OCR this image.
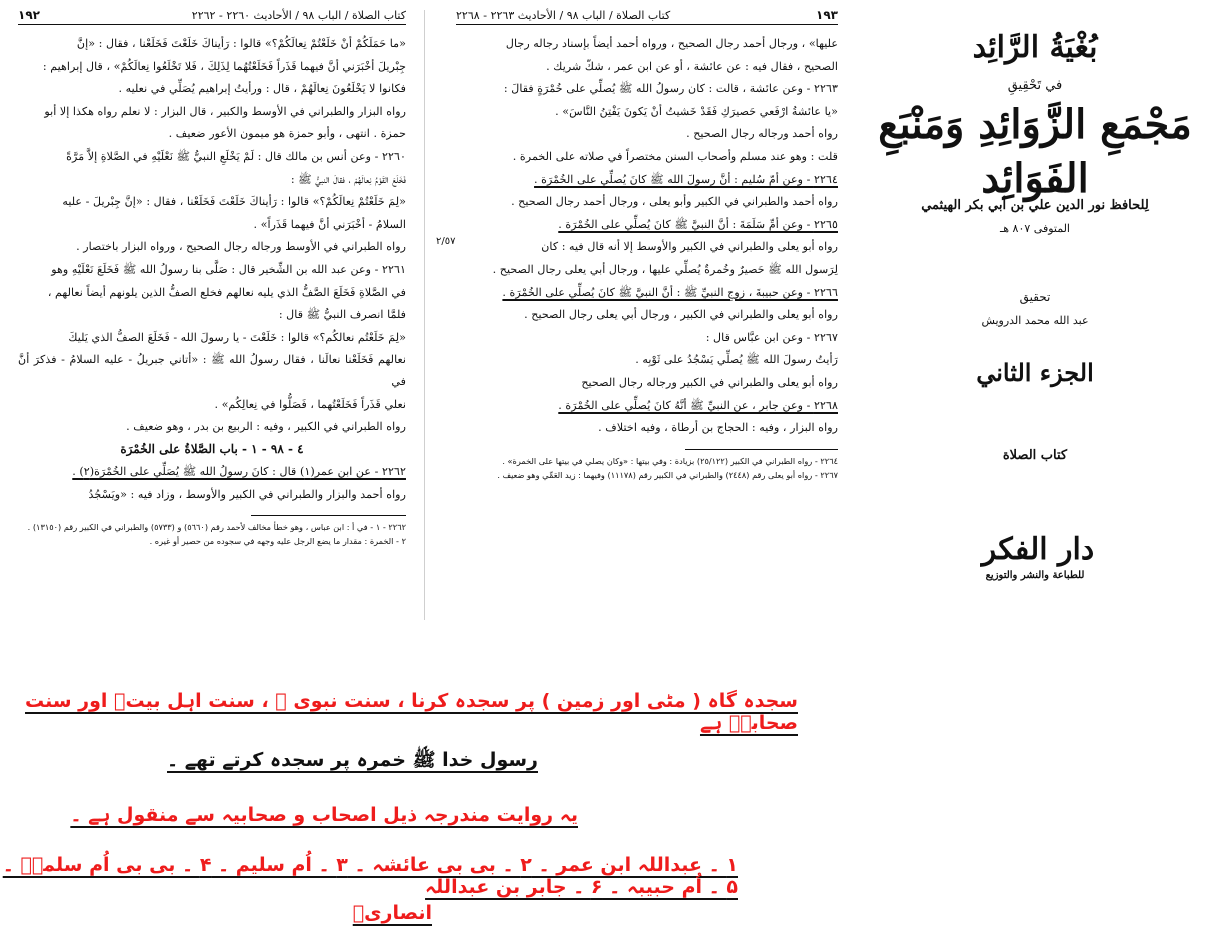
١٩٣
كتاب الصلاة / الباب ٩٨ / الأحاديث ٢٢٦٣ - ٢٢٦٨

عليها» ، ورجال أحمد رجال الصحيح ، ورواه أحمد أيضاً بإسناد رجاله رجال

الصحيح ، فقال فيه : عن عائشة ، أو عن ابن عمر ، شكّ شريك .

٢٢٦٣ - وعن عائشة ، قالت : كان رسولُ الله ﷺ يُصلِّي على خُمْرَةٍ فقالَ :

«يا عائشةُ ارْفَعي حَصيرَكِ فَقَدْ خَشيتُ أنْ يَكونَ يَفْتِنُ النَّاسَ» .

رواه أحمد ورجاله رجال الصحيح .

قلت : وهو عند مسلم وأصحاب السنن مختصراً في صلاته على الخمرة .

٢٢٦٤ - وعن أمّ سُليم : أنَّ رسولَ الله ﷺ كانَ يُصلِّي على الخُمْرَة .

رواه أحمد والطبراني في الكبير وأبو يعلى ، ورجال أحمد رجال الصحيح .

٢٢٦٥ - وعن أمِّ سَلَمَةَ : أنَّ النبيَّ ﷺ كانَ يُصلِّي على الخُمْرَة .

رواه أبو يعلى والطبراني في الكبير والأوسط إلا أنه قال فيه : كان

لِرَسول الله ﷺ حَصيرٌ وخُمرةٌ يُصلِّي عليها ، ورجال أبي يعلى رجال الصحيح .

٢٢٦٦ - وعن حبيبةَ ، زوجِ النبيِّ ﷺ : أنَّ النبيَّ ﷺ كانَ يُصلِّي على الخُمْرَة .

رواه أبو يعلى والطبراني في الكبير ، ورجال أبي يعلى رجال الصحيح .

٢٢٦٧ - وعن ابن عبَّاس قال :

رَأيتُ رسولَ الله ﷺ يُصلِّي يَسْجُدُ على ثَوْبِه .

رواه أبو يعلى والطبراني في الكبير ورجاله رجال الصحيح

٢٢٦٨ - وعن جابر ، عن النبيِّ ﷺ أنَّهُ كانَ يُصلِّي على الخُمْرَة .

رواه البزار ، وفيه : الحجاج بن أرطاة ، وفيه اختلاف .

٢٢٦٤ - رواه الطبراني في الكبير (٢٥/١٢٢) بزيادة : وفي بيتها : «وكان يصلي في بيتها على الخمرة» .
٢٢٦٧ - رواه أبو يعلى رقم (٢٤٤٨) والطبراني في الكبير رقم (١١١٧٨) وفيهما : زيد العَمِّي وهو ضعيف .
٢/٥٧
كتاب الصلاة / الباب ٩٨ / الأحاديث ٢٢٦٠ - ٢٢٦٢
١٩٢

«ما حَمَلَكُمْ أنْ خَلَعْتُمْ نِعالَكُمْ؟» قالوا : رَأيناكَ خَلَعْتَ فَخَلَعْنا ، فقال : «إنَّ

جِبْريلَ أخْبَرَني أنَّ فيهما قَذَراً فَخَلَعْتُهُما لِذَلِكَ ، فَلا تَخْلَعُوا نِعالَكُمْ» ، قال إبراهيم :

فكانوا لا يَخْلَعُونَ نِعالَهُمْ ، قال : ورأيتُ إبراهيم يُصَلِّي في نعليه .

رواه البزار والطبراني في الأوسط والكبير ، قال البزار : لا نعلم رواه هكذا إلا أبو

حمزة . انتهى ، وأبو حمزة هو ميمون الأعور ضعيف .

٢٢٦٠ - وعن أنس بن مالك قال : لَمْ يَخْلَعِ النبيُّ ﷺ نَعْلَيْهِ في الصَّلاةِ إلاَّ مَرَّةً

فَخَلَعَ القَوْمُ نِعالَهُمْ ، فقالَ النبيُّ ﷺ :

«لِمَ خَلَعْتُمْ نِعالَكُمْ؟» قالوا : رَأيناكَ خَلَعْتَ فَخَلَعْنا ، فقال : «إنَّ جِبْريلَ - عليه

السلامُ - أخْبَرَني أنَّ فيهما قَذَراً» .

رواه الطبراني في الأوسط ورجاله رجال الصحيح ، ورواه البزار باختصار .

٢٢٦١ - وعن عبد الله بن الشِّخير قال : صَلَّى بنا رسولُ الله ﷺ فَخَلَعَ نَعْلَيْهِ وهو

في الصَّلاةِ فَخَلَعَ الصَّفُّ الذي يليه نعالهم فخلع الصفُّ الذين يلونهم أيضاً نعالهم ،

فلمَّا انصرف النبيُّ ﷺ قال :

«لِمَ خَلَعْتُم نعالكُم؟» قالوا : خَلَعْتَ - يا رسولَ الله - فَخَلَعَ الصفُّ الذي يَليكَ

نعالهم فَخَلَعْنا نعالَنا ، فقال رسولُ الله ﷺ : «أتاني جبريلُ - عليه السلامُ - فذكرَ أنَّ في

نعلي قَذَراً فَخَلَعْتُهما ، فَصَلُّوا في نِعالِكُم» .

رواه الطبراني في الكبير ، وفيه : الربيع بن بدر ، وهو ضعيف .

٤ - ٩٨ - ١ - باب الصَّلاةُ على الخُمْرَة

٢٢٦٢ - عن ابن عمر(١) قال : كانَ رسولُ الله ﷺ يُصَلِّي على الخُمْرَة(٢) .

رواه أحمد والبزار والطبراني في الكبير والأوسط ، وزاد فيه : «ويَسْجُدُ

٢٢٦٢ - ١ - في أ : ابن عباس ، وهو خطأ مخالف لأحمد رقم (٥٦٦٠) و (٥٧٣٣) والطبراني في الكبير رقم (١٣١٥٠) .
٢ - الخمرة : مقدار ما يضع الرجل عليه وجهه في سجوده من حصير أو غيره .
بُغْيَةُ الرَّائِد
في تَحْقِيقِ
مَجْمَعِ الزَّوَائِدِ وَمَنْبَعِ الفَوَائِد
لِلحافظ نور الدين علي بن أبي بكر الهيثمي
المتوفى ٨٠٧ هـ
تحقيق
عبد الله محمد الدرويش
الجزء الثاني
كتاب الصلاة
دار الفكر
للطباعة والنشر والتوزيع
سجدہ گاہ ( مٹی اور زمین ) پر سجدہ کرنا ، سنت نبوی ﷺ ، سنت اہل بیتؑ اور سنت صحابہؓ ہے
رسول خدا ﷺ خمرہ پر سجدہ کرتے تھے ۔
یہ روایت مندرجہ ذیل اصحاب و صحابیہ سے منقول ہے ۔
۱ ۔ عبداللہ ابن عمر ۔ ۲ ۔ بی بی عائشہ ۔ ۳ ۔ اُم سلیم ۔ ۴ ۔ بی بی اُم سلمہؓ ۔ ۵ ۔ اُم حبیبہ ۔ ۶ ۔ جابر بن عبداللہ
انصاریؓ
